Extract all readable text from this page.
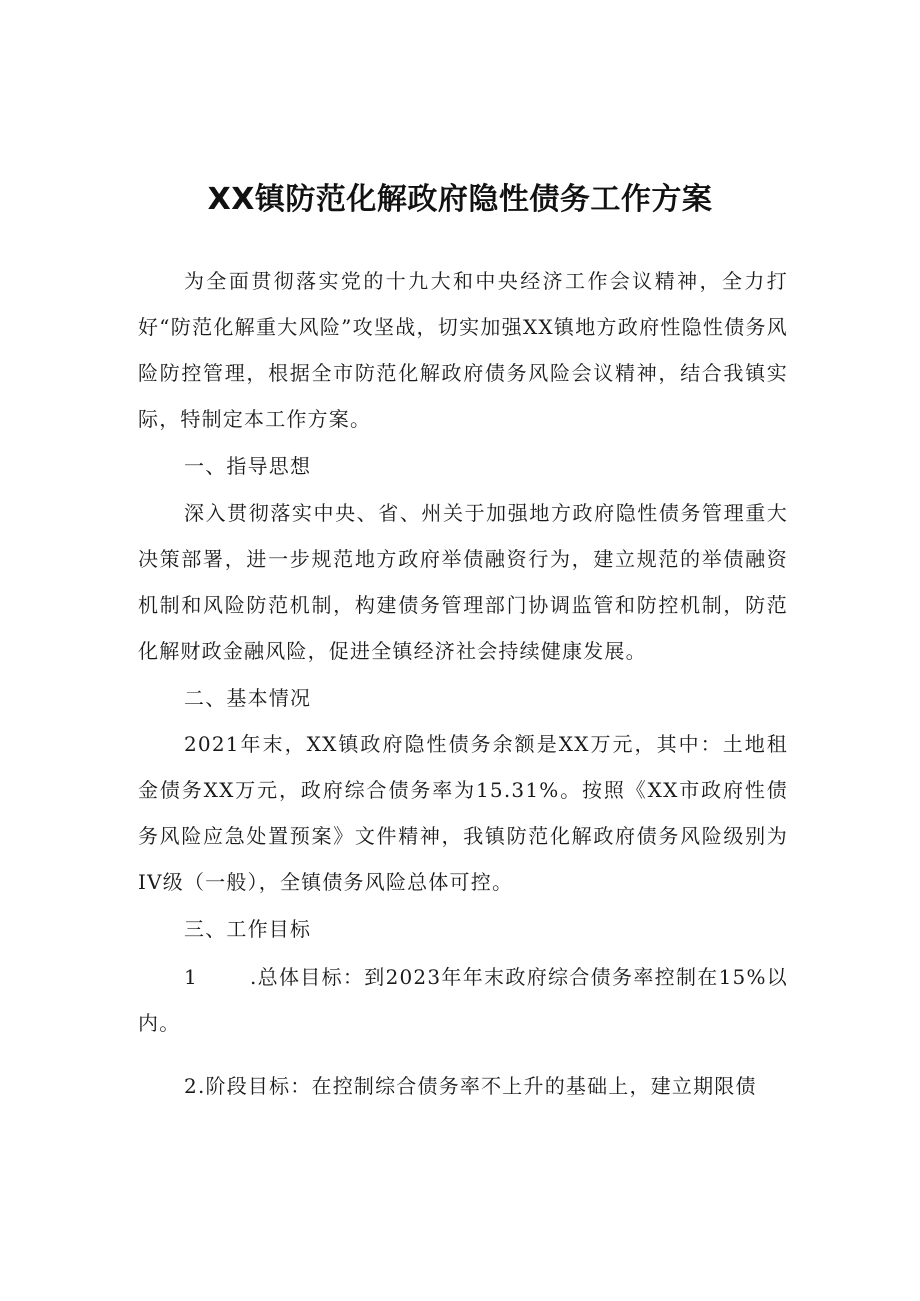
XX镇防范化解政府隐性债务工作方案
为全面贯彻落实党的十九大和中央经济工作会议精神，全力打好“防范化解重大风险”攻坚战，切实加强XX镇地方政府性隐性债务风险防控管理，根据全市防范化解政府债务风险会议精神，结合我镇实际，特制定本工作方案。
一、指导思想
深入贯彻落实中央、省、州关于加强地方政府隐性债务管理重大决策部署，进一步规范地方政府举债融资行为，建立规范的举债融资机制和风险防范机制，构建债务管理部门协调监管和防控机制，防范化解财政金融风险，促进全镇经济社会持续健康发展。
二、基本情况
2021年末，XX镇政府隐性债务余额是XX万元，其中：土地租金债务XX万元，政府综合债务率为15.31%。按照《XX市政府性债务风险应急处置预案》文件精神，我镇防范化解政府债务风险级别为IV级（一般），全镇债务风险总体可控。
三、工作目标
1	.总体目标：到2023年年末政府综合债务率控制在15%以内。
2.阶段目标：在控制综合债务率不上升的基础上，建立期限债
